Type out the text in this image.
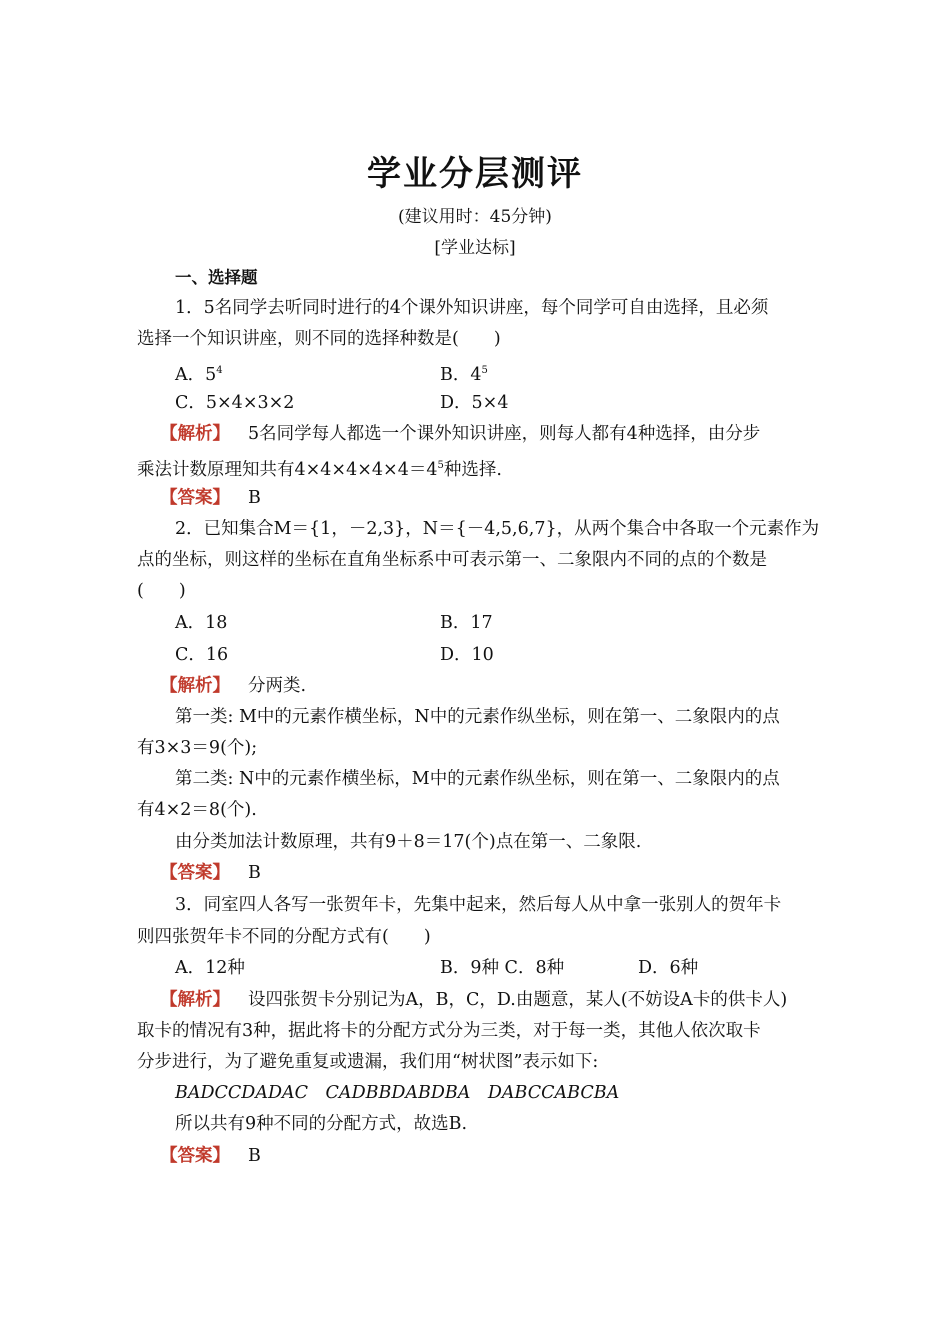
学业分层测评
(建议用时：45分钟)
[学业达标]
一、选择题
1．5名同学去听同时进行的4个课外知识讲座，每个同学可自由选择，且必须
选择一个知识讲座，则不同的选择种数是(　　)
A．$5^4$	B．$4^5$
C．5×4×3×2	D．5×4
【解析】 5名同学每人都选一个课外知识讲座，则每人都有4种选择，由分步
乘法计数原理知共有$4\times 4\times 4\times 4\times 4=4^5$种选择.
【答案】 B
2．已知集合M＝{1，－2,3}，N＝{－4,5,6,7}，从两个集合中各取一个元素作为
点的坐标，则这样的坐标在直角坐标系中可表示第一、二象限内不同的点的个数是
(　　)
A．18	B．17
C．16	D．10
【解析】 分两类.
第一类: M中的元素作横坐标，N中的元素作纵坐标，则在第一、二象限内的点
有3×3＝9(个);
第二类: N中的元素作横坐标，M中的元素作纵坐标，则在第一、二象限内的点
有4×2＝8(个).
由分类加法计数原理，共有9＋8＝17(个)点在第一、二象限.
【答案】 B
3．同室四人各写一张贺年卡，先集中起来，然后每人从中拿一张别人的贺年卡
则四张贺年卡不同的分配方式有(　　)
A．12种	B．9种 C．8种	D．6种
【解析】 设四张贺卡分别记为A，B，C，D.由题意，某人(不妨设A卡的供卡人)
取卡的情况有3种，据此将卡的分配方式分为三类，对于每一类，其他人依次取卡
分步进行，为了避免重复或遗漏，我们用“树状图”表示如下:
BADCCDADAC　CADBBDABDBA　DABCCABCBA
所以共有9种不同的分配方式，故选B.
【答案】 B
